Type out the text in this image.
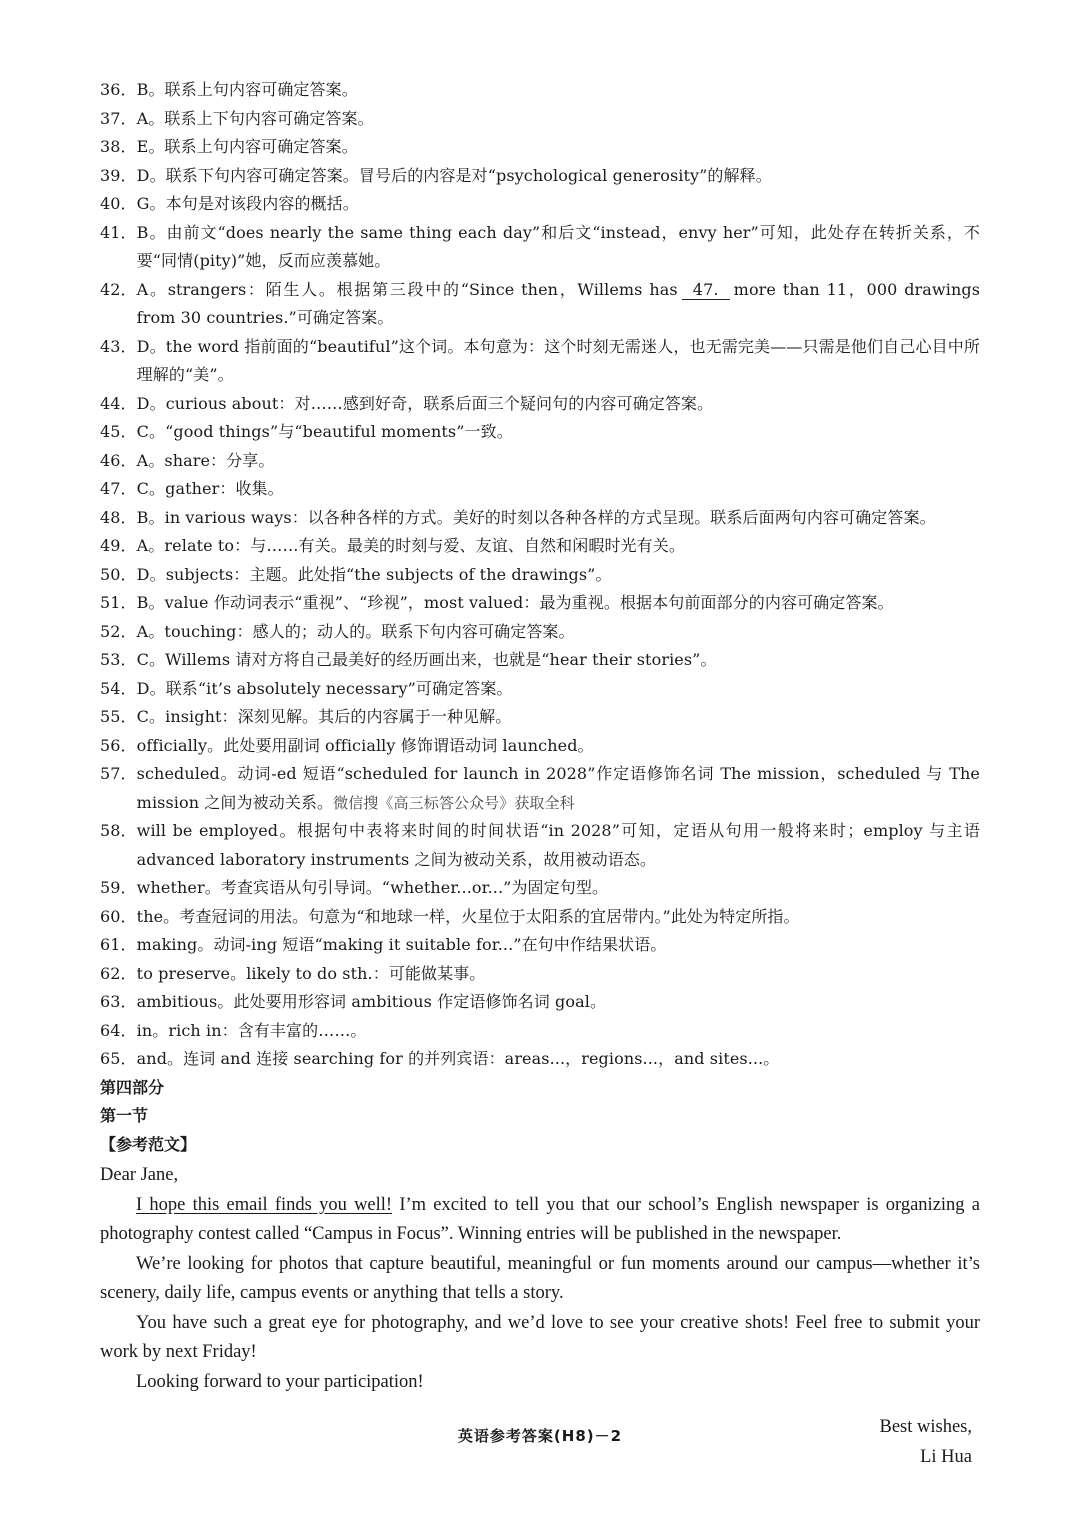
36． B。联系上句内容可确定答案。
37． A。联系上下句内容可确定答案。
38． E。联系上句内容可确定答案。
39． D。联系下句内容可确定答案。冒号后的内容是对“psychological generosity”的解释。
40． G。本句是对该段内容的概括。
41． B。由前文“does nearly the same thing each day”和后文“instead，envy her”可知，此处存在转折关系，不要“同情(pity)”她，反而应羡慕她。
42． A。strangers：陌生人。根据第三段中的“Since then，Willems has 47. more than 11，000 drawings from 30 countries.”可确定答案。
43． D。the word 指前面的“beautiful”这个词。本句意为：这个时刻无需迷人，也无需完美——只需是他们自己心目中所理解的“美”。
44． D。curious about：对……感到好奇，联系后面三个疑问句的内容可确定答案。
45． C。“good things”与“beautiful moments”一致。
46． A。share：分享。
47． C。gather：收集。
48． B。in various ways：以各种各样的方式。美好的时刻以各种各样的方式呈现。联系后面两句内容可确定答案。
49． A。relate to：与……有关。最美的时刻与爱、友谊、自然和闲暇时光有关。
50． D。subjects：主题。此处指“the subjects of the drawings”。
51． B。value 作动词表示“重视”、“珍视”，most valued：最为重视。根据本句前面部分的内容可确定答案。
52． A。touching：感人的；动人的。联系下句内容可确定答案。
53． C。Willems 请对方将自己最美好的经历画出来，也就是“hear their stories”。
54． D。联系“it’s absolutely necessary”可确定答案。
55． C。insight：深刻见解。其后的内容属于一种见解。
56． officially。此处要用副词 officially 修饰谓语动词 launched。
57． scheduled。动词-ed 短语“scheduled for launch in 2028”作定语修饰名词 The mission，scheduled 与 The mission 之间为被动关系。微信搜《高三标答公众号》获取全科
58． will be employed。根据句中表将来时间的时间状语“in 2028”可知，定语从句用一般将来时；employ 与主语 advanced laboratory instruments 之间为被动关系，故用被动语态。
59． whether。考查宾语从句引导词。“whether...or...”为固定句型。
60． the。考查冠词的用法。句意为“和地球一样，火星位于太阳系的宜居带内。”此处为特定所指。
61． making。动词-ing 短语“making it suitable for...”在句中作结果状语。
62． to preserve。likely to do sth.：可能做某事。
63． ambitious。此处要用形容词 ambitious 作定语修饰名词 goal。
64． in。rich in：含有丰富的……。
65． and。连词 and 连接 searching for 的并列宾语：areas...，regions...，and sites...。
第四部分
第一节
【参考范文】

Dear Jane,

I hope this email finds you well! I’m excited to tell you that our school’s English newspaper is organizing a photography contest called “Campus in Focus”. Winning entries will be published in the newspaper.

We’re looking for photos that capture beautiful, meaningful or fun moments around our campus—whether it’s scenery, daily life, campus events or anything that tells a story.

You have such a great eye for photography, and we’d love to see your creative shots! Feel free to submit your work by next Friday!

Looking forward to your participation!

Best wishes,
Li Hua
英语参考答案(H8)－2
